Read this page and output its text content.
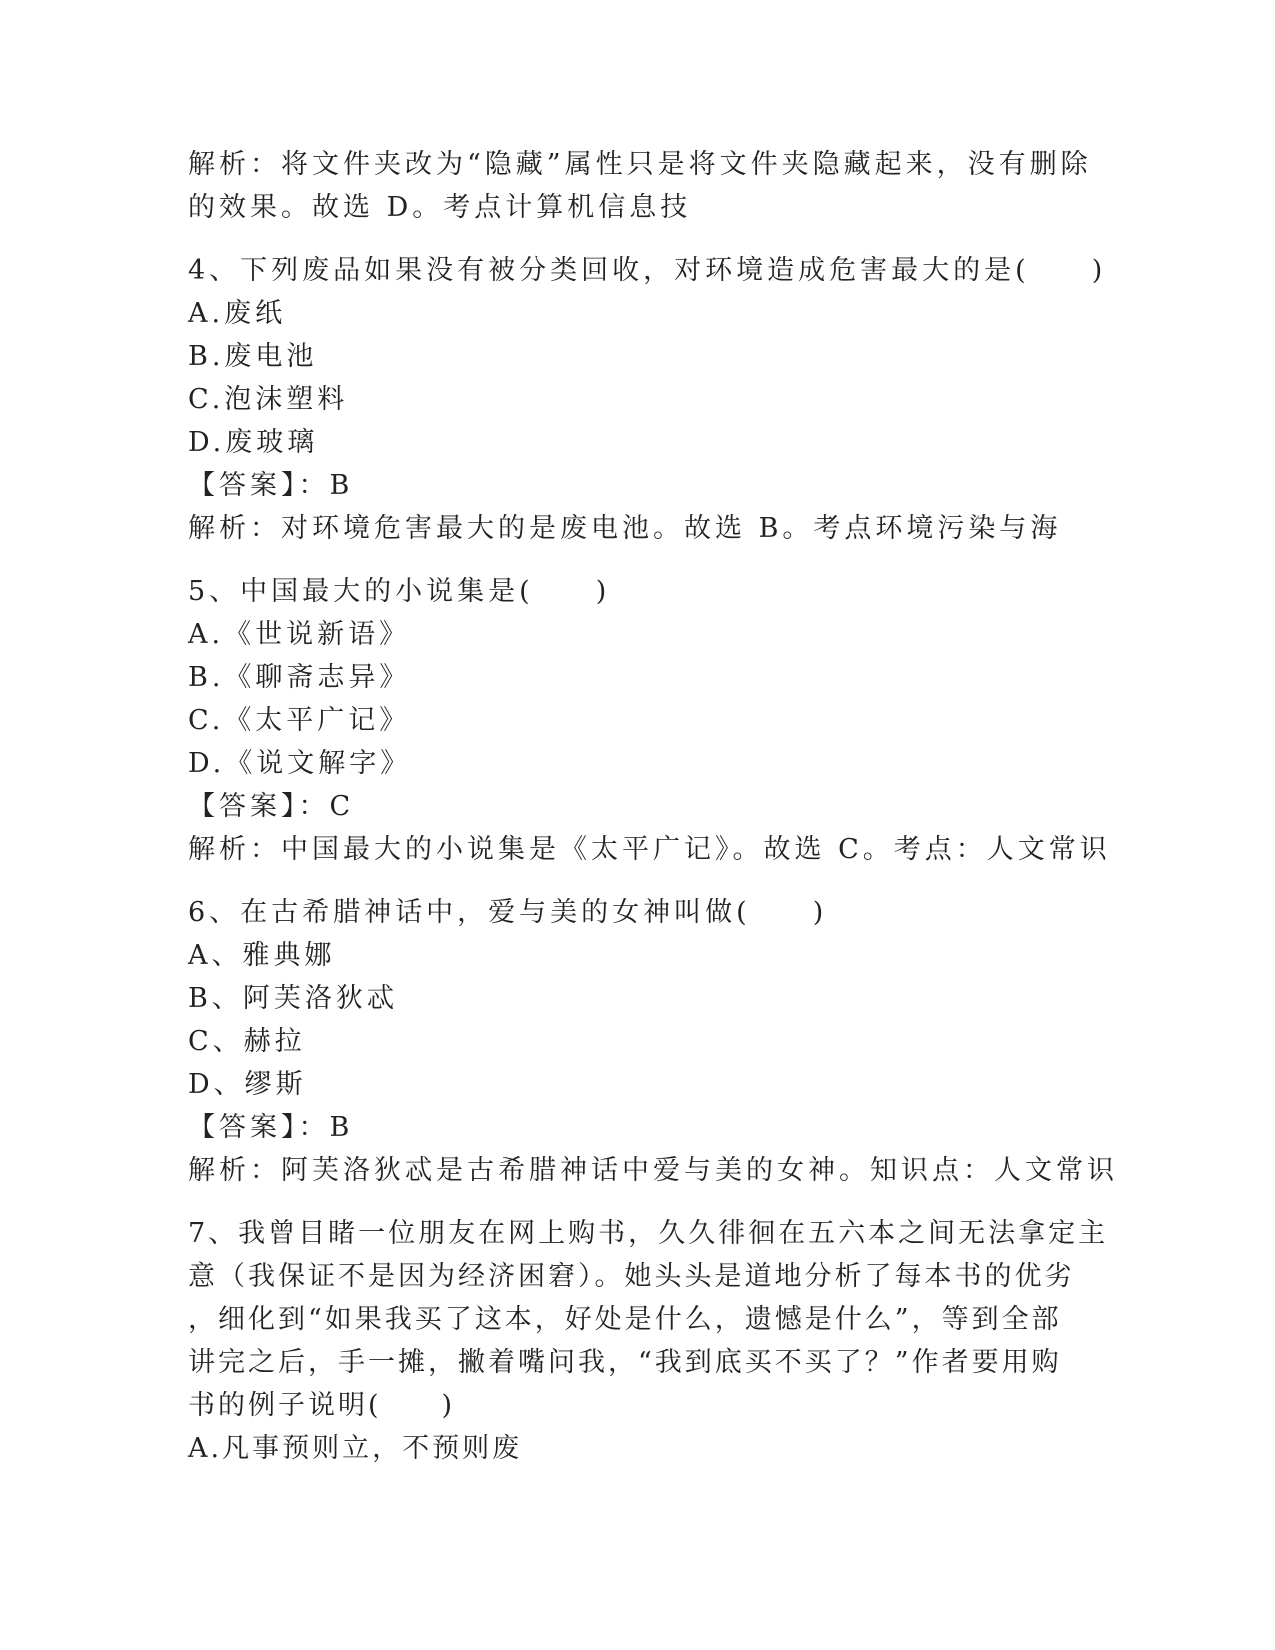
解析：将文件夹改为“隐藏”属性只是将文件夹隐藏起来，没有删除
的效果。故选 D。考点计算机信息技
4、下列废品如果没有被分类回收，对环境造成危害最大的是(　　)
A.废纸
B.废电池
C.泡沫塑料
D.废玻璃
【答案】：B
解析：对环境危害最大的是废电池。故选 B。考点环境污染与海
5、中国最大的小说集是(　　)
A.《世说新语》
B.《聊斋志异》
C.《太平广记》
D.《说文解字》
【答案】：C
解析：中国最大的小说集是《太平广记》。故选 C。考点：人文常识
6、在古希腊神话中，爱与美的女神叫做(　　)
A、雅典娜
B、阿芙洛狄忒
C、赫拉
D、缪斯
【答案】：B
解析：阿芙洛狄忒是古希腊神话中爱与美的女神。知识点：人文常识
7、我曾目睹一位朋友在网上购书，久久徘徊在五六本之间无法拿定主
意（我保证不是因为经济困窘）。她头头是道地分析了每本书的优劣
，细化到“如果我买了这本，好处是什么，遗憾是什么”，等到全部
讲完之后，手一摊，撇着嘴问我，“我到底买不买了？”作者要用购
书的例子说明(　　)
A.凡事预则立，不预则废
